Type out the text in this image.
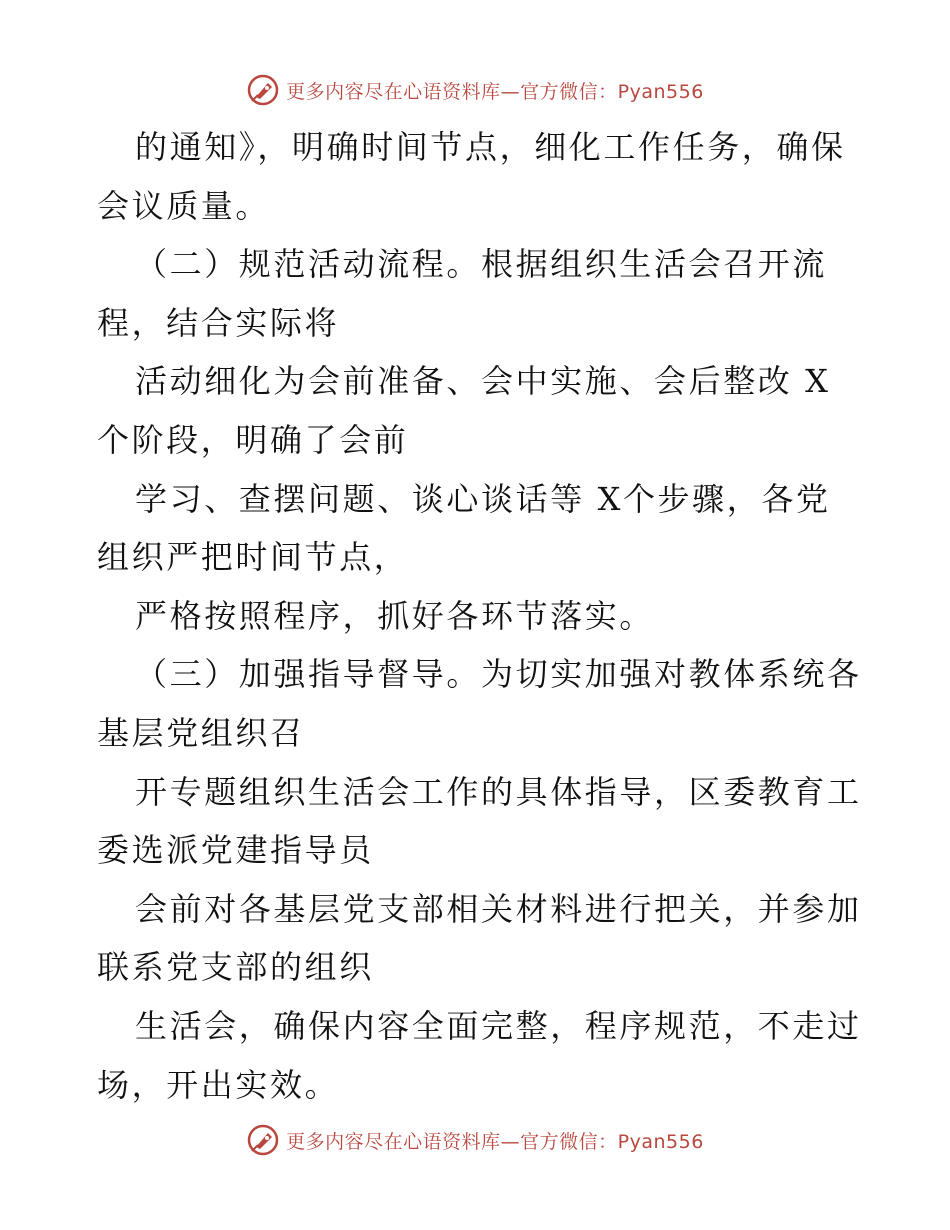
更多内容尽在心语资料库—官方微信：Pyan556
的通知》，明确时间节点，细化工作任务，确保
会议质量。
（二）规范活动流程。根据组织生活会召开流
程，结合实际将
活动细化为会前准备、会中实施、会后整改 X
个阶段，明确了会前
学习、查摆问题、谈心谈话等 X个步骤，各党
组织严把时间节点，
严格按照程序，抓好各环节落实。
（三）加强指导督导。为切实加强对教体系统各
基层党组织召
开专题组织生活会工作的具体指导，区委教育工
委选派党建指导员
会前对各基层党支部相关材料进行把关，并参加
联系党支部的组织
生活会，确保内容全面完整，程序规范，不走过
场，开出实效。
更多内容尽在心语资料库—官方微信：Pyan556
